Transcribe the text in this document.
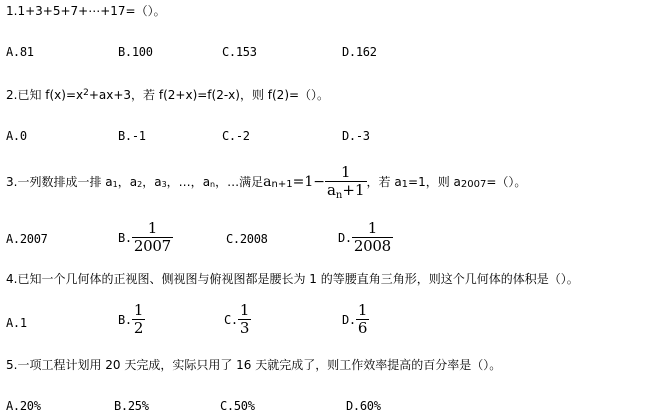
1.1+3+5+7+⋯+17=（）。
A.81	B.100	C.153	D.162
2.已知 $f(x)=x^2+ax+3$，若 f(2+x)=f(2-x)，则 f(2)=（）。
A.0	B.-1	C.-2	D.-3
3.一列数排成一排 $a_1$ ， $a_2$ ， $a_3$ ， …， $a_n$ ，…满足 $a_{n+1} =1- \frac{1}{a_n+1}$ ，若 $a_1 =1$，则 $a_{2007}$ =（）。
A.2007	B. $\frac{1}{2007}$	C.2008	D. $\frac{1}{2008}$
4.已知一个几何体的正视图、侧视图与俯视图都是腰长为 1 的等腰直角三角形，则这个几何体的体积是（）。
A.1	B. $\frac{1}{2}$	C. $\frac{1}{3}$	D. $\frac{1}{6}$
5.一项工程计划用 20 天完成，实际只用了 16 天就完成了，则工作效率提高的百分率是（）。
A.20%	B.25%	C.50%	D.60%
